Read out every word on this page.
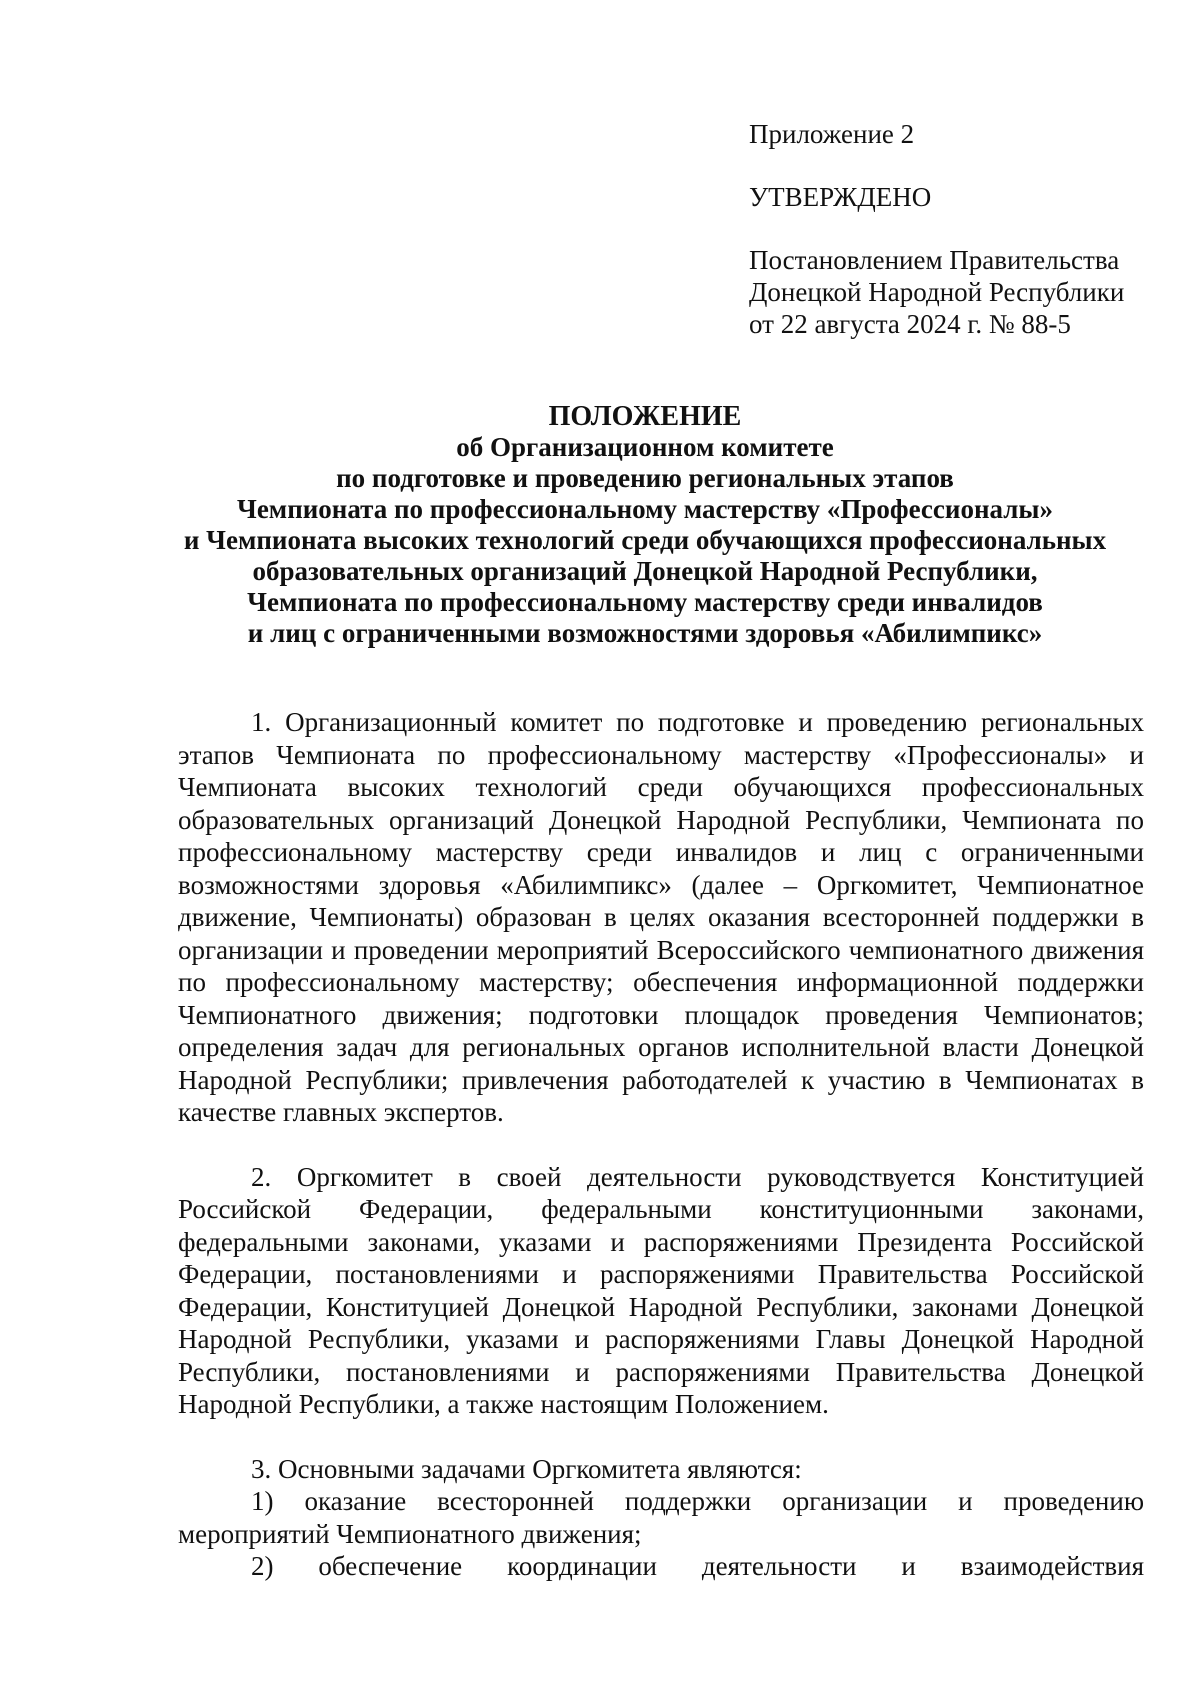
Приложение 2
УТВЕРЖДЕНО
Постановлением Правительства
Донецкой Народной Республики
от 22 августа 2024 г. № 88-5
ПОЛОЖЕНИЕ
об Организационном комитете
по подготовке и проведению региональных этапов
Чемпионата по профессиональному мастерству «Профессионалы»
и Чемпионата высоких технологий среди обучающихся профессиональных
образовательных организаций Донецкой Народной Республики,
Чемпионата по профессиональному мастерству среди инвалидов
и лиц с ограниченными возможностями здоровья «Абилимпикс»

1. Организационный комитет по подготовке и проведению региональных этапов Чемпионата по профессиональному мастерству «Профессионалы» и Чемпионата высоких технологий среди обучающихся профессиональных образовательных организаций Донецкой Народной Республики, Чемпионата по профессиональному мастерству среди инвалидов и лиц с ограниченными возможностями здоровья «Абилимпикс» (далее – Оргкомитет, Чемпионатное движение, Чемпионаты) образован в целях оказания всесторонней поддержки в организации и проведении мероприятий Всероссийского чемпионатного движения по профессиональному мастерству; обеспечения информационной поддержки Чемпионатного движения; подготовки площадок проведения Чемпионатов; определения задач для региональных органов исполнительной власти Донецкой Народной Республики; привлечения работодателей к участию в Чемпионатах в качестве главных экспертов.

2. Оргкомитет в своей деятельности руководствуется Конституцией Российской Федерации, федеральными конституционными законами, федеральными законами, указами и распоряжениями Президента Российской Федерации, постановлениями и распоряжениями Правительства Российской Федерации, Конституцией Донецкой Народной Республики, законами Донецкой Народной Республики, указами и распоряжениями Главы Донецкой Народной Республики, постановлениями и распоряжениями Правительства Донецкой Народной Республики, а также настоящим Положением.

3. Основными задачами Оргкомитета являются:

1) оказание всесторонней поддержки организации и проведению мероприятий Чемпионатного движения;

2) обеспечение координации деятельности и взаимодействия
